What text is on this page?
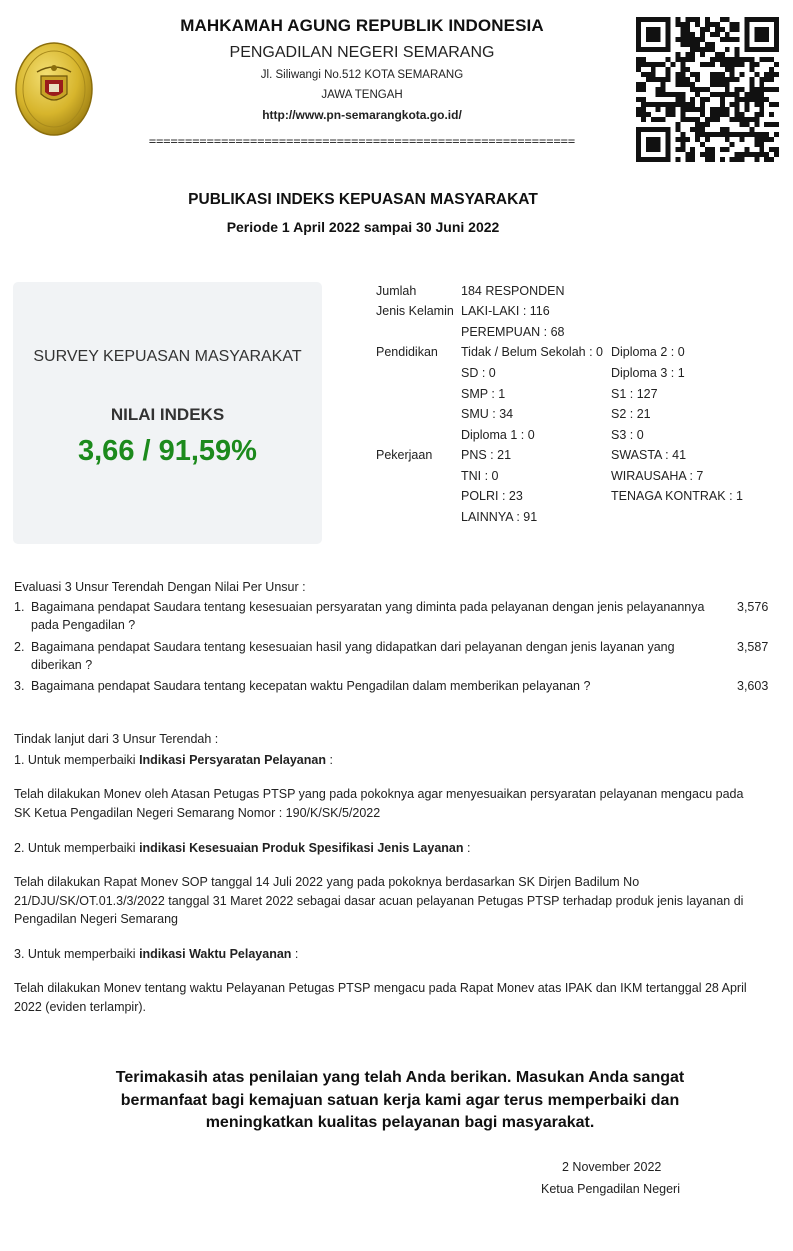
MAHKAMAH AGUNG REPUBLIK INDONESIA
PENGADILAN NEGERI SEMARANG
Jl. Siliwangi No.512 KOTA SEMARANG
JAWA TENGAH
http://www.pn-semarangkota.go.id/
===========================================================
PUBLIKASI INDEKS KEPUASAN MASYARAKAT
Periode 1 April 2022 sampai 30 Juni 2022
SURVEY KEPUASAN MASYARAKAT
NILAI INDEKS
3,66 / 91,59%
Jumlah	184 RESPONDEN
Jenis Kelamin LAKI-LAKI : 116
PEREMPUAN : 68
Pendidikan Tidak / Belum Sekolah : 0
SD : 0
SMP : 1
SMU : 34
Diploma 1 : 0
Diploma 2 : 0
Diploma 3 : 1
S1 : 127
S2 : 21
S3 : 0
Pekerjaan PNS : 21
TNI : 0
POLRI : 23
LAINNYA : 91
SWASTA : 41
WIRAUSAHA : 7
TENAGA KONTRAK : 1
Evaluasi 3 Unsur Terendah Dengan Nilai Per Unsur :
1. Bagaimana pendapat Saudara tentang kesesuaian persyaratan yang diminta pada pelayanan dengan jenis pelayanannya
pada Pengadilan ?
3,576
2. Bagaimana pendapat Saudara tentang kesesuaian hasil yang didapatkan dari pelayanan dengan jenis layanan yang
diberikan ?
3,587
3. Bagaimana pendapat Saudara tentang kecepatan waktu Pengadilan dalam memberikan pelayanan ?	3,603
Tindak lanjut dari 3 Unsur Terendah :
1. Untuk memperbaiki Indikasi Persyaratan Pelayanan :
Telah dilakukan Monev oleh Atasan Petugas PTSP yang pada pokoknya agar menyesuaikan persyaratan pelayanan mengacu pada
SK Ketua Pengadilan Negeri Semarang Nomor : 190/K/SK/5/2022
2. Untuk memperbaiki indikasi Kesesuaian Produk Spesifikasi Jenis Layanan :
Telah dilakukan Rapat Monev SOP tanggal 14 Juli 2022 yang pada pokoknya berdasarkan SK Dirjen Badilum No
21/DJU/SK/OT.01.3/3/2022 tanggal 31 Maret 2022 sebagai dasar acuan pelayanan Petugas PTSP terhadap produk jenis layanan di
Pengadilan Negeri Semarang
3. Untuk memperbaiki indikasi Waktu Pelayanan :
Telah dilakukan Monev tentang waktu Pelayanan Petugas PTSP mengacu pada Rapat Monev atas IPAK dan IKM tertanggal 28 April
2022 (eviden terlampir).
Terimakasih atas penilaian yang telah Anda berikan. Masukan Anda sangat bermanfaat bagi kemajuan satuan kerja kami agar terus memperbaiki dan meningkatkan kualitas pelayanan bagi masyarakat.
2 November 2022
Ketua Pengadilan Negeri
